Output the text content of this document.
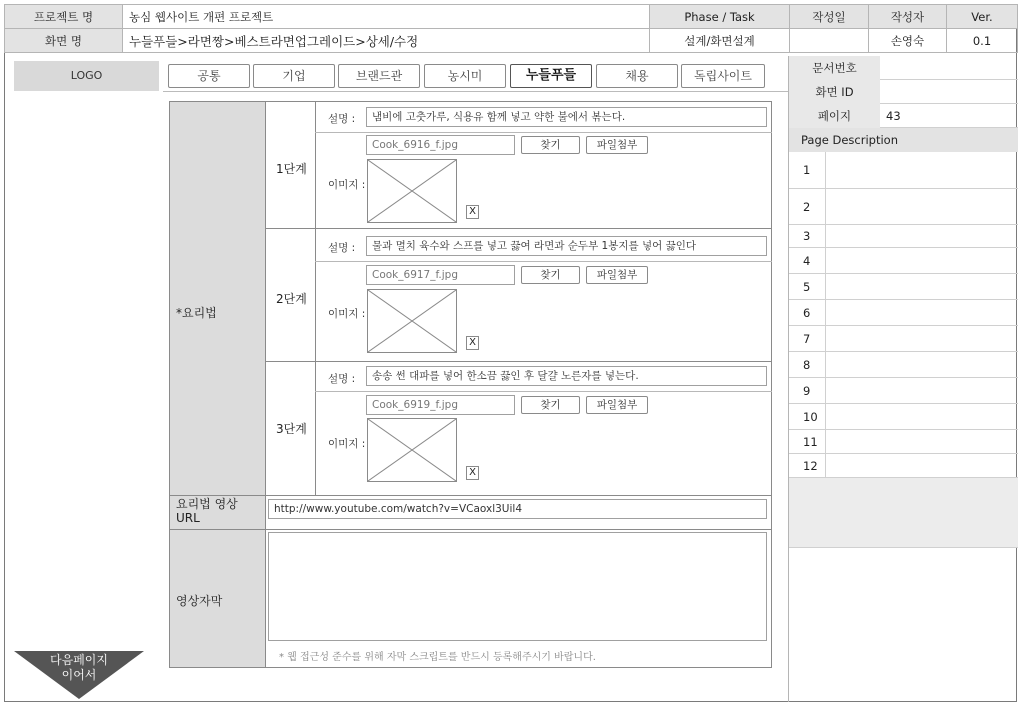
프로젝트 명	농심 웹사이트 개편 프로젝트	Phase / Task	작성일	작성자	Ver.
화면 명	누들푸들>라면짱>베스트라면업그레이드>상세/수정	설계/화면설계		손영숙	0.1
LOGO	공통	기업	브랜드관	농시미	누들푸들	채용	독립사이트
문서번호
화면 ID
페이지	43
Page Description
1
2
3
4
5
6
7
8
9
10
11
12
*요리법
1단계
설명 :	냄비에 고춧가루, 식용유 함께 넣고 약한 불에서 볶는다.
Cook_6916_f.jpg	찾기	파일첨부
이미지 :
X
2단계
설명 :	물과 멸치 육수와 스프를 넣고 끓여 라면과 순두부 1봉지를 넣어 끓인다
Cook_6917_f.jpg	찾기	파일첨부
이미지 :
X
3단계
설명 :	송송 썬 대파를 넣어 한소끔 끓인 후 달걀 노른자를 넣는다.
Cook_6919_f.jpg	찾기	파일첨부
이미지 :
X
요리법 영상
URL
http://www.youtube.com/watch?v=VCaoxl3Uil4
영상자막
* 웹 접근성 준수를 위해 자막 스크립트를 반드시 등록해주시기 바랍니다.
다음페이지
이어서
